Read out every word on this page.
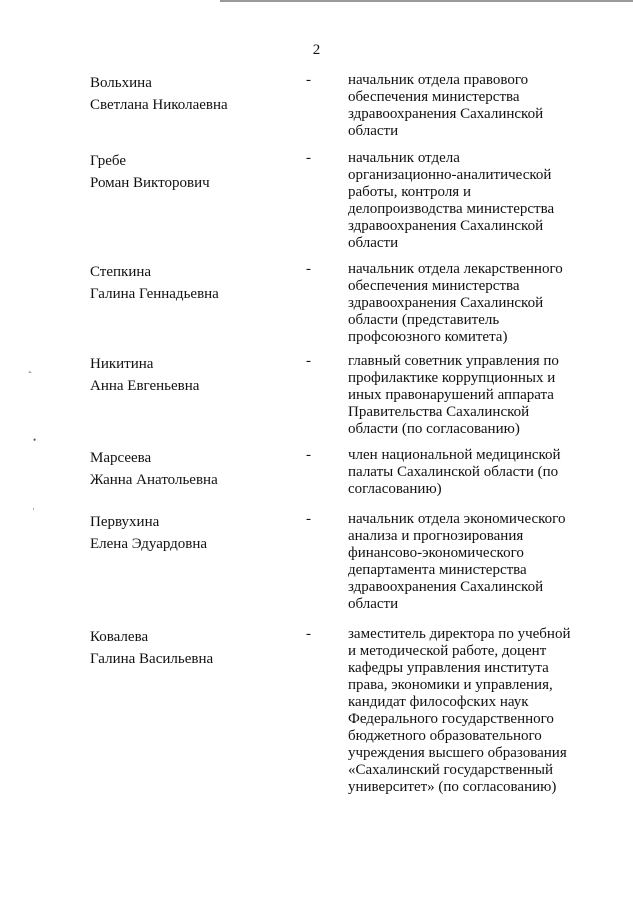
2
Вольхина
Светлана Николаевна
- начальник отдела правового
обеспечения министерства
здравоохранения Сахалинской
области
Гребе
Роман Викторович
- начальник отдела
организационно-аналитической
работы, контроля и
делопроизводства министерства
здравоохранения Сахалинской
области
Степкина
Галина Геннадьевна
- начальник отдела лекарственного
обеспечения министерства
здравоохранения Сахалинской
области (представитель
профсоюзного комитета)
Никитина
Анна Евгеньевна
- главный советник управления по
профилактике коррупционных и
иных правонарушений аппарата
Правительства Сахалинской
области (по согласованию)
Марсеева
Жанна Анатольевна
- член национальной медицинской
палаты Сахалинской области (по
согласованию)
Первухина
Елена Эдуардовна
- начальник отдела экономического
анализа и прогнозирования
финансово-экономического
департамента министерства
здравоохранения Сахалинской
области
Ковалева
Галина Васильевна
- заместитель директора по учебной
и методической работе, доцент
кафедры управления института
права, экономики и управления,
кандидат философских наук
Федерального государственного
бюджетного образовательного
учреждения высшего образования
«Сахалинский государственный
университет» (по согласованию)
•
·
